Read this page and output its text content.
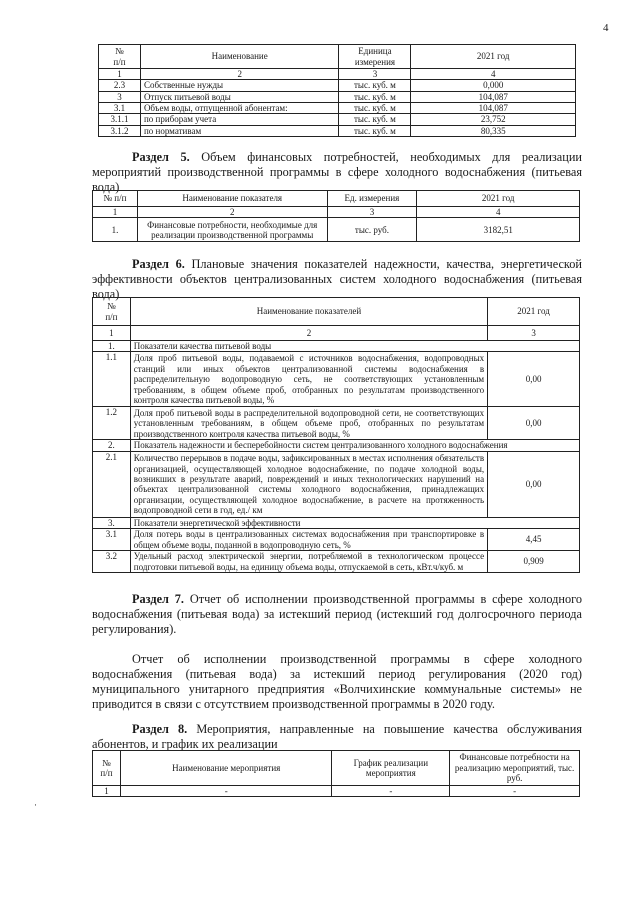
4
№
п/п	Наименование	Единица измерения	2021 год
1	2	3	4
2.3	Собственные нужды	тыс. куб. м	0,000
3	Отпуск питьевой воды	тыс. куб. м	104,087
3.1	Объем воды, отпущенной абонентам:	тыс. куб. м	104,087
3.1.1	по приборам учета	тыс. куб. м	23,752
3.1.2	по нормативам	тыс. куб. м	80,335
Раздел 5. Объем финансовых потребностей, необходимых для реализации мероприятий производственной программы в сфере холодного водоснабжения (питьевая вода)
№ п/п	Наименование показателя	Ед. измерения	2021 год
1	2	3	4
1.	Финансовые потребности, необходимые для реализации производственной программы	тыс. руб.	3182,51
Раздел 6. Плановые значения показателей надежности, качества, энергетической эффективности объектов централизованных систем холодного водоснабжения (питьевая вода)
№
п/п	Наименование показателей	2021 год
1	2	3
1.	Показатели качества питьевой воды	
1.1	Доля проб питьевой воды, подаваемой с источников водоснабжения, водопроводных станций или иных объектов централизованной системы водоснабжения в распределительную водопроводную сеть, не соответствующих установленным требованиям, в общем объеме проб, отобранных по результатам производственного контроля качества питьевой воды, %	0,00
1.2	Доля проб питьевой воды в распределительной водопроводной сети, не соответствующих установленным требованиям, в общем объеме проб, отобранных по результатам производственного контроля качества питьевой воды, %	0,00
2.	Показатель надежности и бесперебойности систем централизованного холодного водоснабжения	
2.1	Количество перерывов в подаче воды, зафиксированных в местах исполнения обязательств организацией, осуществляющей холодное водоснабжение, по подаче холодной воды, возникших в результате аварий, повреждений и иных технологических нарушений на объектах централизованной системы холодного водоснабжения, принадлежащих организации, осуществляющей холодное водоснабжение, в расчете на протяженность водопроводной сети в год, ед./ км	0,00
3.	Показатели энергетической эффективности	
3.1	Доля потерь воды в централизованных системах водоснабжения при транспортировке в общем объеме воды, поданной в водопроводную сеть, %	4,45
3.2	Удельный расход электрической энергии, потребляемой в технологическом процессе подготовки питьевой воды, на единицу объема воды, отпускаемой в сеть, кВт.ч/куб. м	0,909
Раздел 7. Отчет об исполнении производственной программы в сфере холодного водоснабжения (питьевая вода) за истекший период (истекший год долгосрочного периода регулирования).
Отчет об исполнении производственной программы в сфере холодного водоснабжения (питьевая вода) за истекший период регулирования (2020 год) муниципального унитарного предприятия «Волчихинские коммунальные системы» не приводится в связи с отсутствием производственной программы в 2020 году.
Раздел 8. Мероприятия, направленные на повышение качества обслуживания абонентов, и график их реализации
№
п/п	Наименование мероприятия	График реализации мероприятия	Финансовые потребности на реализацию мероприятий, тыс. руб.
1	-	-	-
·
